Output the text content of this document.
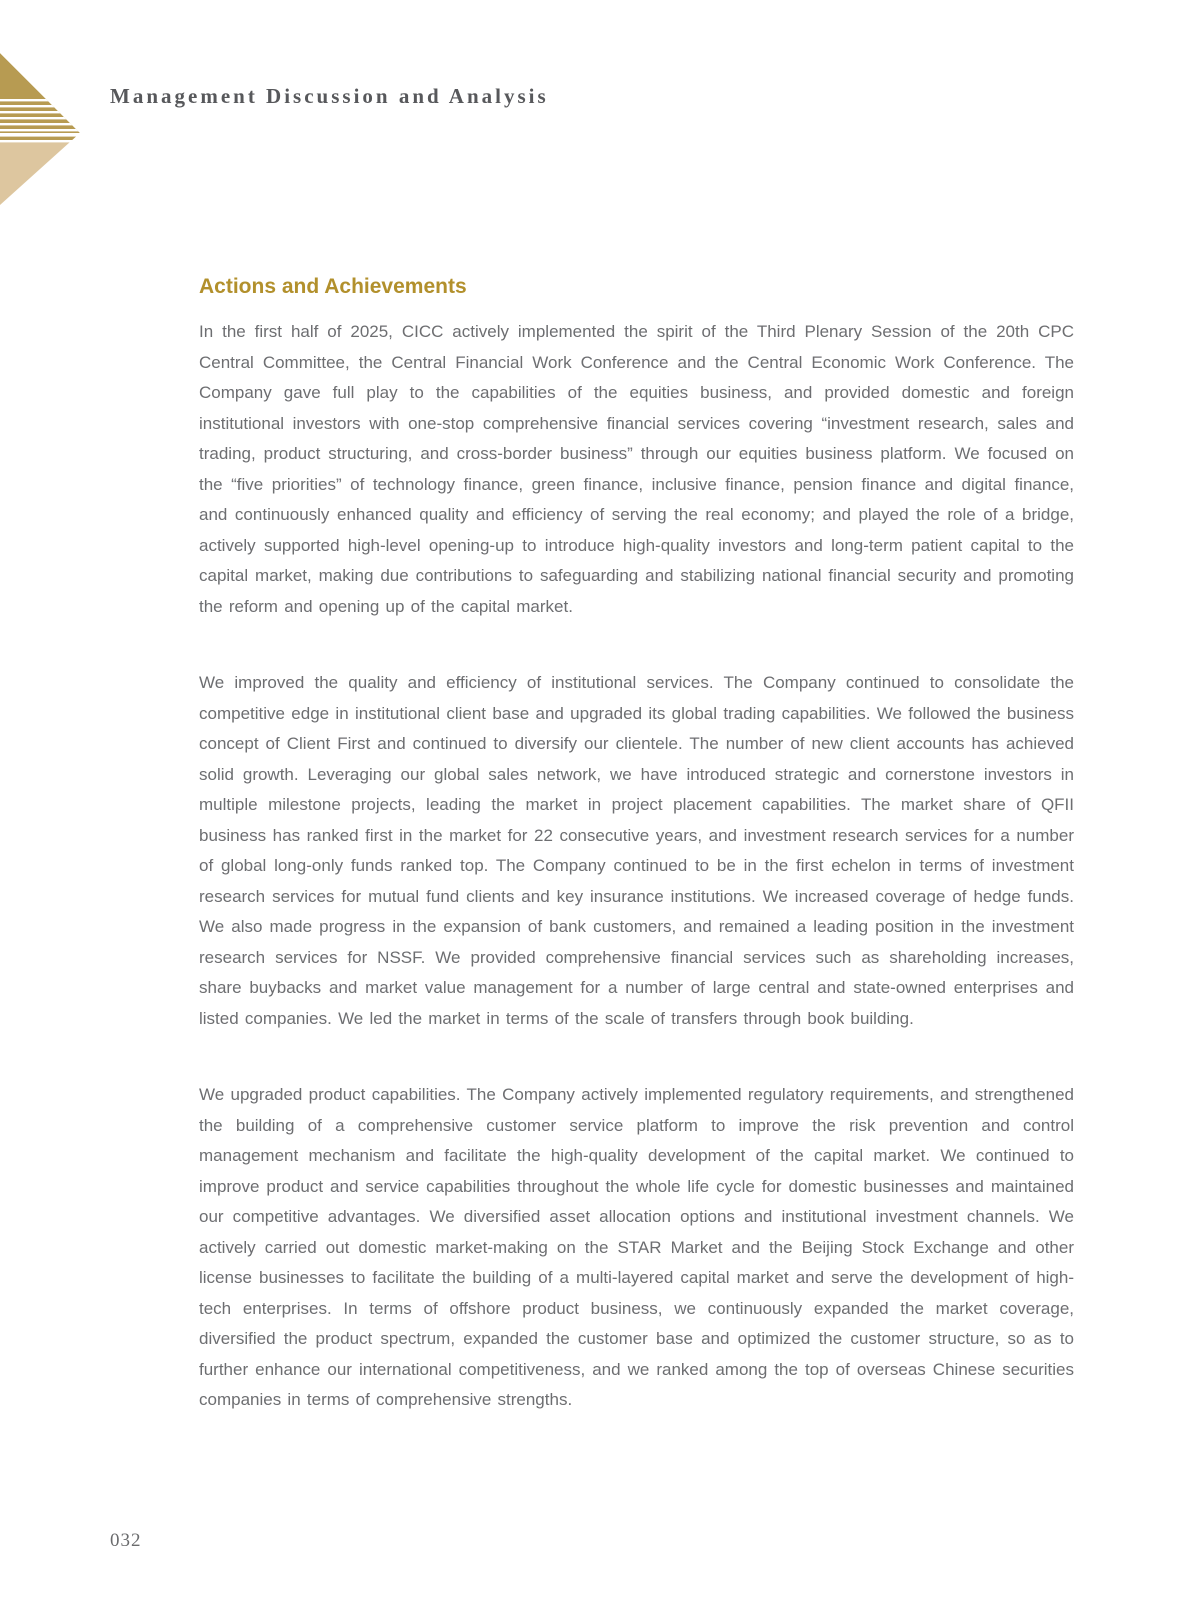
Management Discussion and Analysis
Actions and Achievements

In the first half of 2025, CICC actively implemented the spirit of the Third Plenary Session of the 20th CPC Central Committee, the Central Financial Work Conference and the Central Economic Work Conference. The Company gave full play to the capabilities of the equities business, and provided domestic and foreign institutional investors with one-stop comprehensive financial services covering “investment research, sales and trading, product structuring, and cross-border business” through our equities business platform. We focused on the “five priorities” of technology finance, green finance, inclusive finance, pension finance and digital finance, and continuously enhanced quality and efficiency of serving the real economy; and played the role of a bridge, actively supported high-level opening-up to introduce high-quality investors and long-term patient capital to the capital market, making due contributions to safeguarding and stabilizing national financial security and promoting the reform and opening up of the capital market.

We improved the quality and efficiency of institutional services. The Company continued to consolidate the competitive edge in institutional client base and upgraded its global trading capabilities. We followed the business concept of Client First and continued to diversify our clientele. The number of new client accounts has achieved solid growth. Leveraging our global sales network, we have introduced strategic and cornerstone investors in multiple milestone projects, leading the market in project placement capabilities. The market share of QFII business has ranked first in the market for 22 consecutive years, and investment research services for a number of global long-only funds ranked top. The Company continued to be in the first echelon in terms of investment research services for mutual fund clients and key insurance institutions. We increased coverage of hedge funds. We also made progress in the expansion of bank customers, and remained a leading position in the investment research services for NSSF. We provided comprehensive financial services such as shareholding increases, share buybacks and market value management for a number of large central and state-owned enterprises and listed companies. We led the market in terms of the scale of transfers through book building.

We upgraded product capabilities. The Company actively implemented regulatory requirements, and strengthened the building of a comprehensive customer service platform to improve the risk prevention and control management mechanism and facilitate the high-quality development of the capital market. We continued to improve product and service capabilities throughout the whole life cycle for domestic businesses and maintained our competitive advantages. We diversified asset allocation options and institutional investment channels. We actively carried out domestic market-making on the STAR Market and the Beijing Stock Exchange and other license businesses to facilitate the building of a multi-layered capital market and serve the development of high-tech enterprises. In terms of offshore product business, we continuously expanded the market coverage, diversified the product spectrum, expanded the customer base and optimized the customer structure, so as to further enhance our international competitiveness, and we ranked among the top of overseas Chinese securities companies in terms of comprehensive strengths.

032
